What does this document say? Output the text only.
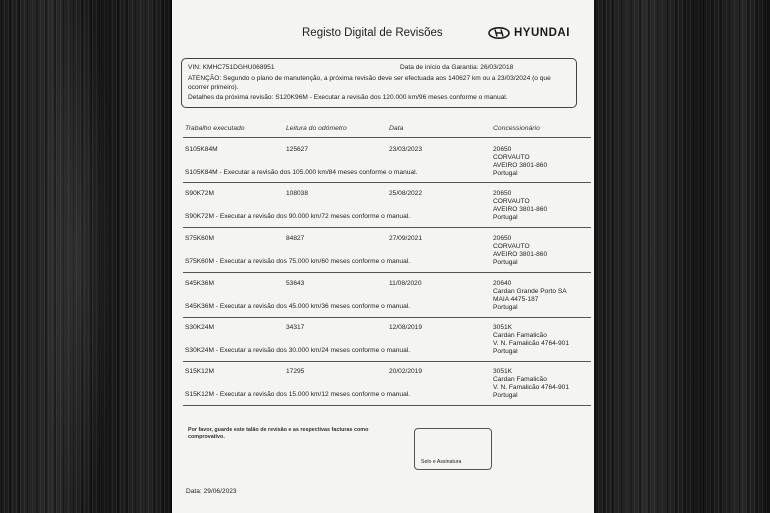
Registo Digital de Revisões	HYUNDAI
VIN: KMHC751DGHU068951	Data de início da Garantia: 26/03/2018
ATENÇÃO: Segundo o plano de manutenção, a próxima revisão deve ser efectuada aos 140627 km ou a 23/03/2024 (o que ocorrer primeiro).
Detalhes da próxima revisão: S120K96M - Executar a revisão dos 120.000 km/96 meses conforme o manual.
Trabalho executado	Leitura do odómetro	Data	Concessionário
S105K84M	125627	23/03/2023	20650
CORVAUTO
AVEIRO 3801-860
Portugal
S105K84M - Executar a revisão dos 105.000 km/84 meses conforme o manual.
S90K72M	108038	25/08/2022	20650
CORVAUTO
AVEIRO 3801-860
Portugal
S90K72M - Executar a revisão dos 90.000 km/72 meses conforme o manual.
S75K60M	84827	27/09/2021	20650
CORVAUTO
AVEIRO 3801-860
Portugal
S75K60M - Executar a revisão dos 75.000 km/60 meses conforme o manual.
S45K36M	53643	11/08/2020	20640
Cardan Grande Porto SA
MAIA 4475-187
Portugal
S45K36M - Executar a revisão dos 45.000 km/36 meses conforme o manual.
S30K24M	34317	12/08/2019	3051K
Cardan Famalicão
V. N. Famalicão 4764-901
Portugal
S30K24M - Executar a revisão dos 30.000 km/24 meses conforme o manual.
S15K12M	17295	20/02/2019	3051K
Cardan Famalicão
V. N. Famalicão 4764-901
Portugal
S15K12M - Executar a revisão dos 15.000 km/12 meses conforme o manual.
Por favor, guarde este talão de revisão e as respectivas facturas como comprovativo.
Selo e Assinatura
Data: 29/06/2023
